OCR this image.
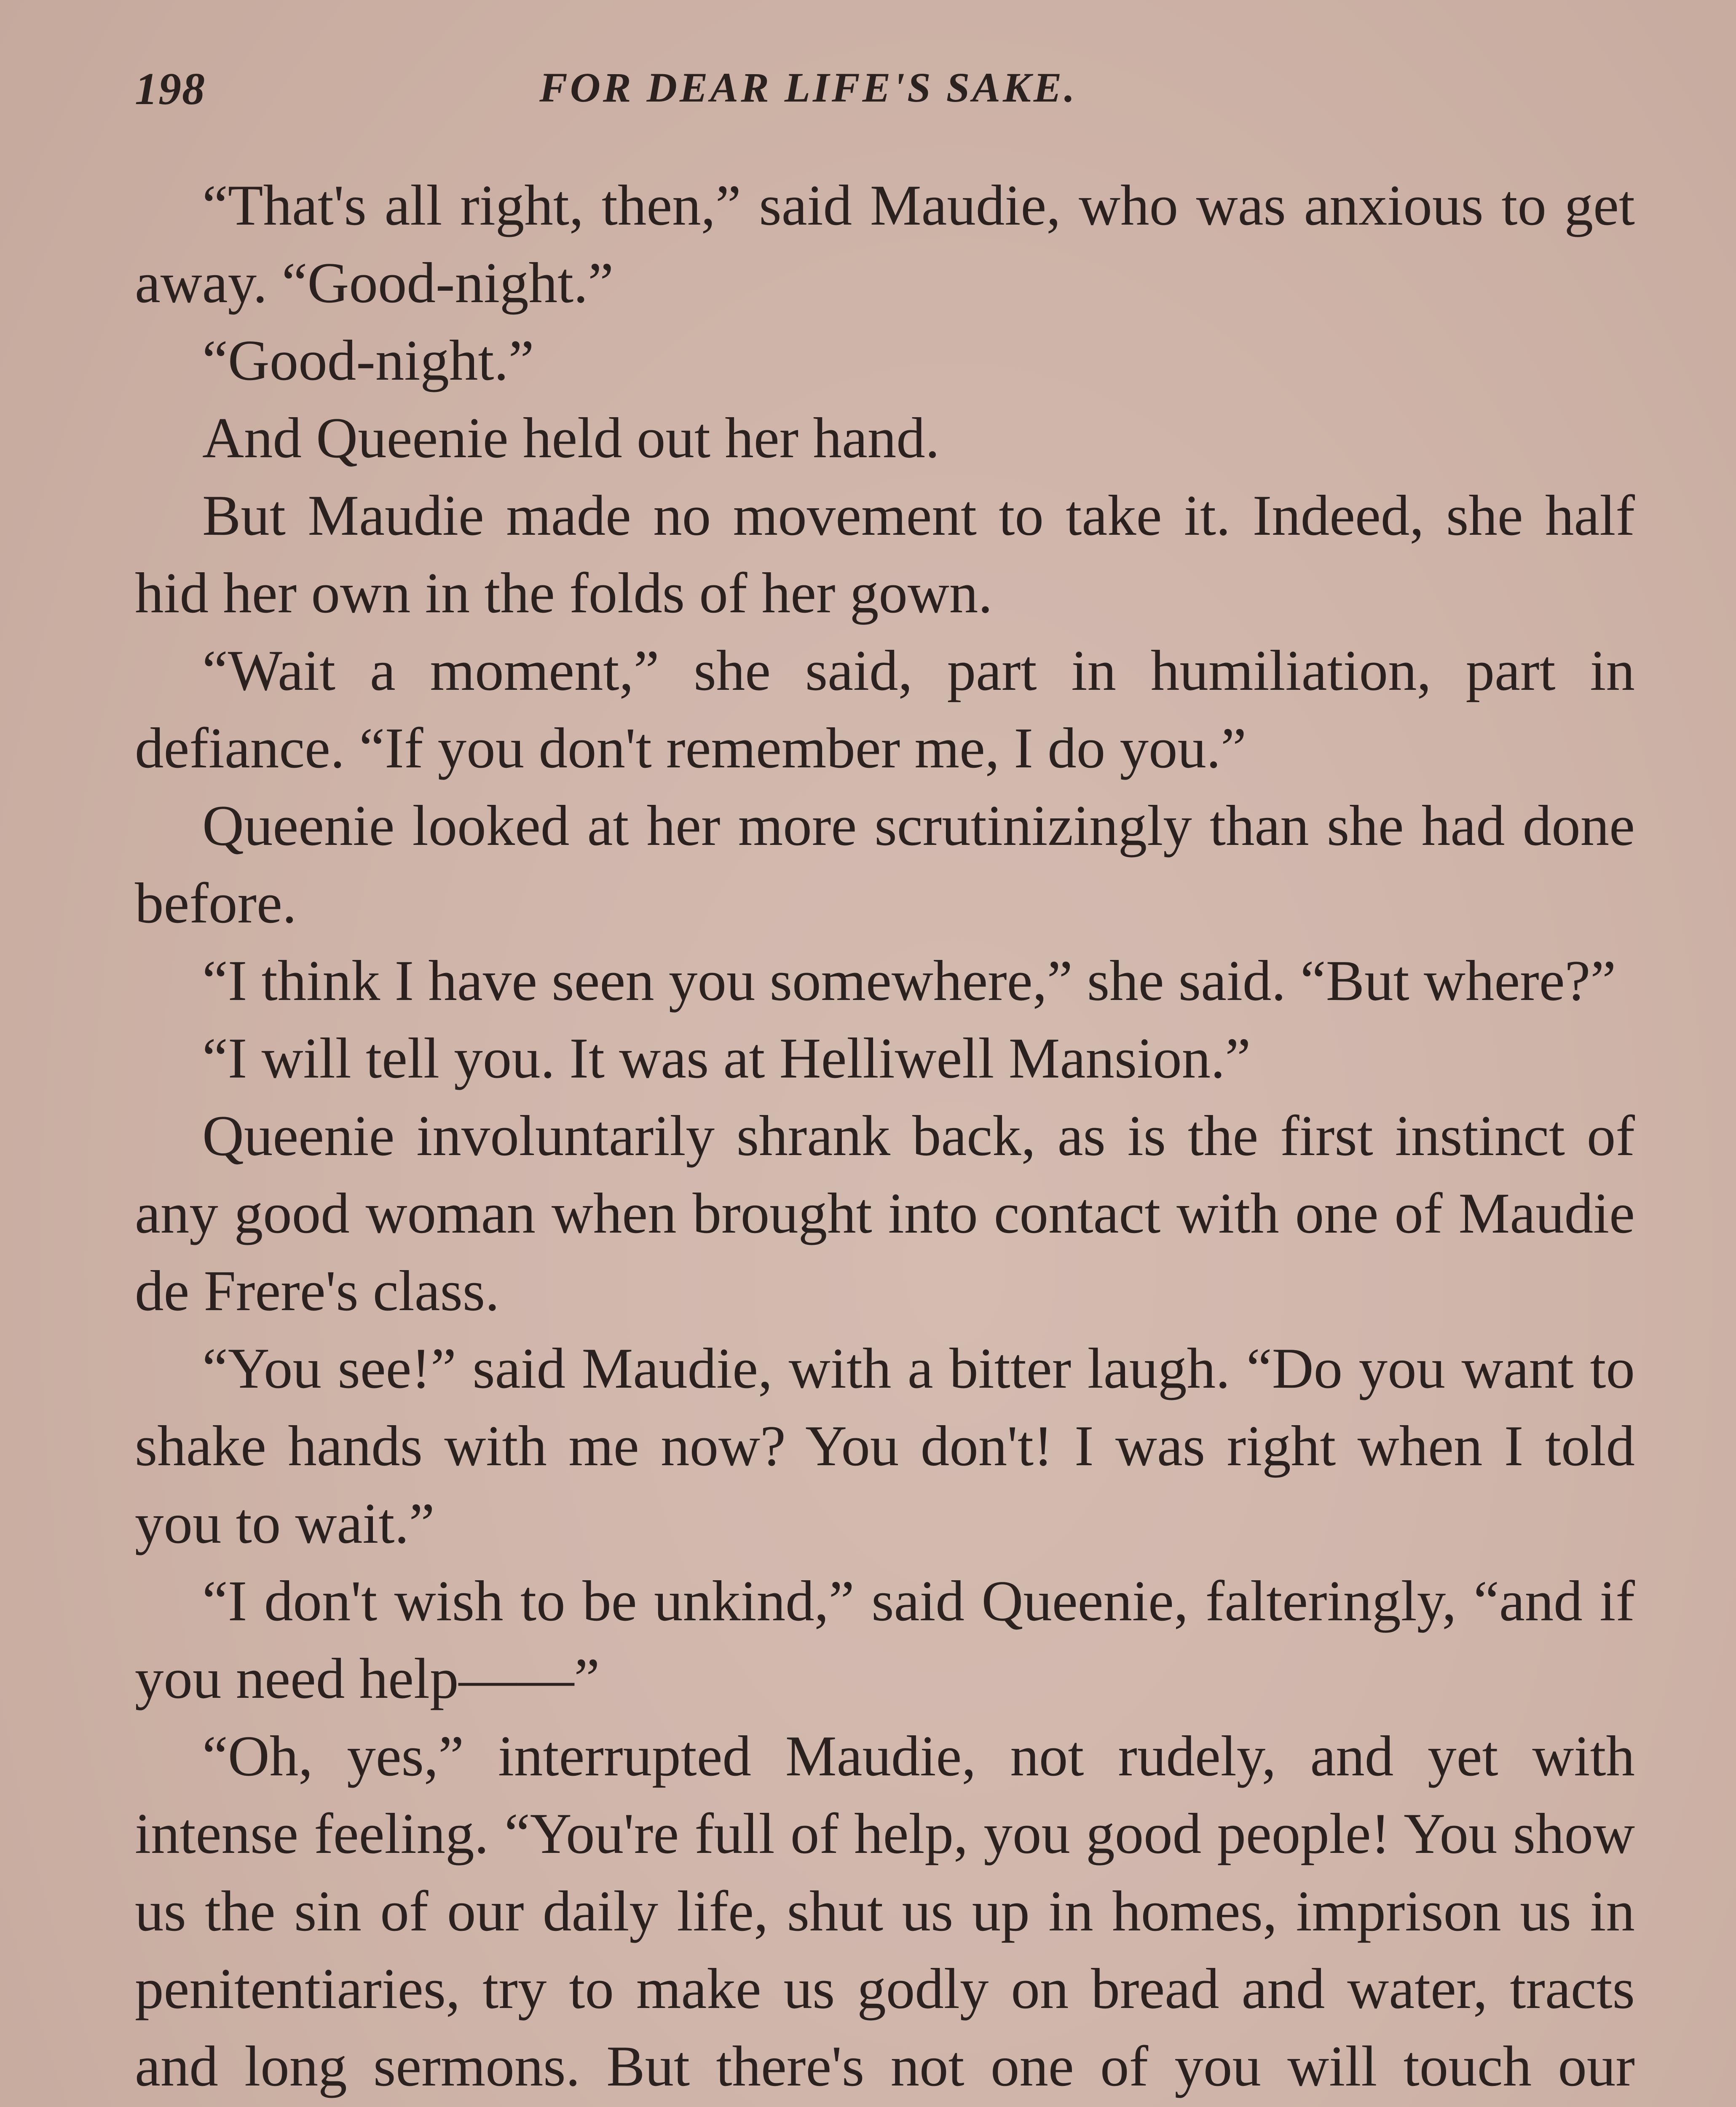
198	FOR DEAR LIFE'S SAKE.

“That's all right, then,” said Maudie, who was anxious to get away. “Good-night.”

“Good-night.”

And Queenie held out her hand.

But Maudie made no movement to take it. Indeed, she half hid her own in the folds of her gown.

“Wait a moment,” she said, part in humiliation, part in defiance. “If you don't remember me, I do you.”

Queenie looked at her more scrutinizingly than she had done before.

“I think I have seen you somewhere,” she said. “But where?”

“I will tell you. It was at Helliwell Mansion.”

Queenie involuntarily shrank back, as is the first instinct of any good woman when brought into contact with one of Maudie de Frere's class.

“You see!” said Maudie, with a bitter laugh. “Do you want to shake hands with me now? You don't! I was right when I told you to wait.”

“I don't wish to be unkind,” said Queenie, falteringly, “and if you need help——”

“Oh, yes,” interrupted Maudie, not rudely, and yet with intense feeling. “You're full of help, you good people! You show us the sin of our daily life, shut us up in homes, imprison us in penitentiaries, try to make us godly on bread and water, tracts and long sermons. But there's not one of you will touch our
